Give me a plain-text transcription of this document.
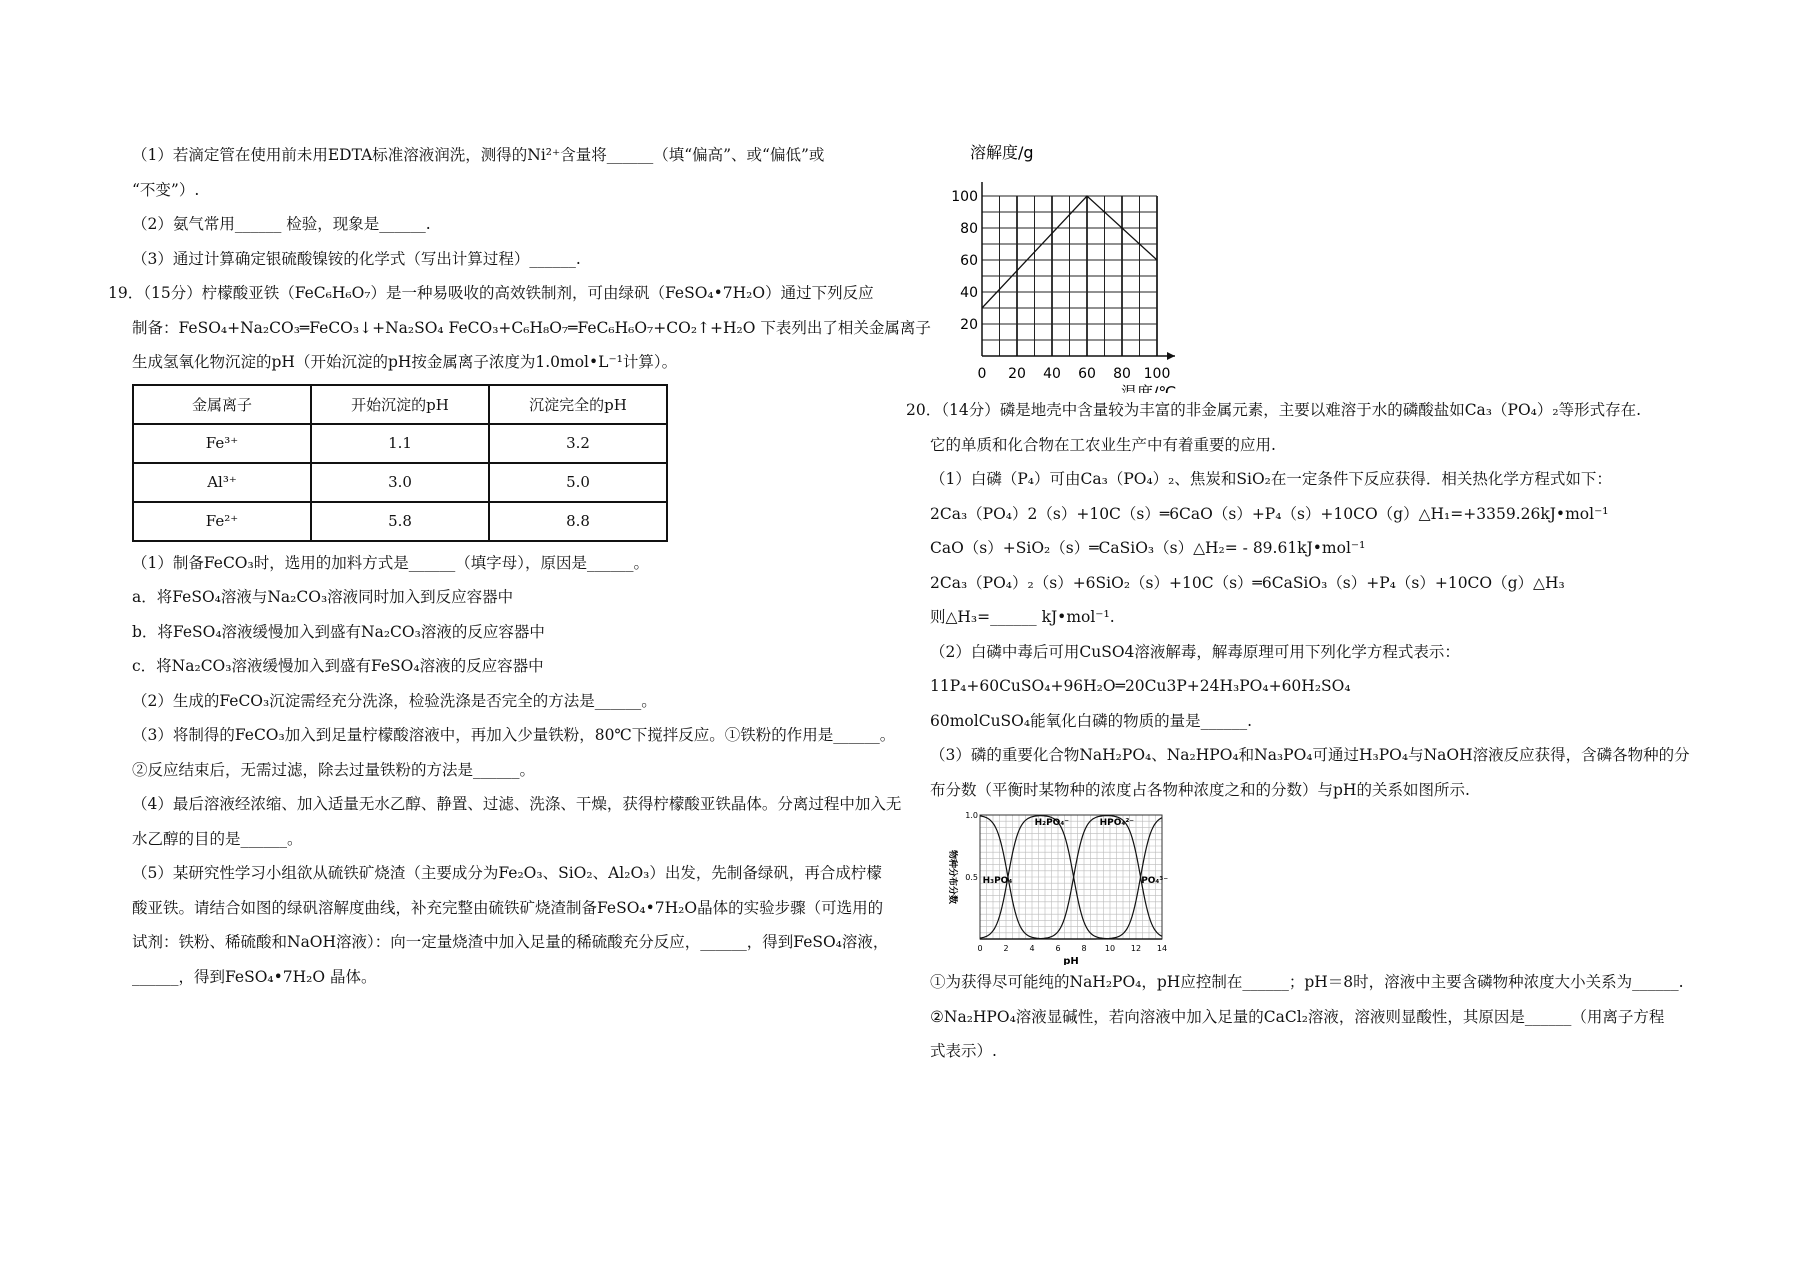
（1）若滴定管在使用前未用EDTA标准溶液润洗，测得的Ni²⁺含量将______（填“偏高”、或“偏低”或
“不变”）.
（2）氨气常用______ 检验，现象是______.
（3）通过计算确定银硫酸镍铵的化学式（写出计算过程）______.
19．（15分）柠檬酸亚铁（FeC₆H₆O₇）是一种易吸收的高效铁制剂，可由绿矾（FeSO₄•7H₂O）通过下列反应
制备：FeSO₄+Na₂CO₃═FeCO₃↓+Na₂SO₄ FeCO₃+C₆H₈O₇═FeC₆H₆O₇+CO₂↑+H₂O 下表列出了相关金属离子
生成氢氧化物沉淀的pH（开始沉淀的pH按金属离子浓度为1.0mol•L⁻¹计算）。
金属离子	开始沉淀的pH	沉淀完全的pH
Fe³⁺	1.1	3.2
Al³⁺	3.0	5.0
Fe²⁺	5.8	8.8
（1）制备FeCO₃时，选用的加料方式是______（填字母），原因是______。
a．将FeSO₄溶液与Na₂CO₃溶液同时加入到反应容器中
b．将FeSO₄溶液缓慢加入到盛有Na₂CO₃溶液的反应容器中
c．将Na₂CO₃溶液缓慢加入到盛有FeSO₄溶液的反应容器中
（2）生成的FeCO₃沉淀需经充分洗涤，检验洗涤是否完全的方法是______。
（3）将制得的FeCO₃加入到足量柠檬酸溶液中，再加入少量铁粉，80℃下搅拌反应。①铁粉的作用是______。
②反应结束后，无需过滤，除去过量铁粉的方法是______。
（4）最后溶液经浓缩、加入适量无水乙醇、静置、过滤、洗涤、干燥，获得柠檬酸亚铁晶体。分离过程中加入无
水乙醇的目的是______。
（5）某研究性学习小组欲从硫铁矿烧渣（主要成分为Fe₂O₃、SiO₂、Al₂O₃）出发，先制备绿矾，再合成柠檬
酸亚铁。请结合如图的绿矾溶解度曲线，补充完整由硫铁矿烧渣制备FeSO₄•7H₂O晶体的实验步骤（可选用的
试剂：铁粉、稀硫酸和NaOH溶液）：向一定量烧渣中加入足量的稀硫酸充分反应，______，得到FeSO₄溶液，
______，得到FeSO₄•7H₂O 晶体。
0 20 40 60 80 100
20
40
60
80
100
溶解度/g
温度/℃
20．（14分）磷是地壳中含量较为丰富的非金属元素，主要以难溶于水的磷酸盐如Ca₃（PO₄）₂等形式存在.
它的单质和化合物在工农业生产中有着重要的应用.
（1）白磷（P₄）可由Ca₃（PO₄）₂、焦炭和SiO₂在一定条件下反应获得．相关热化学方程式如下：
2Ca₃（PO₄）2（s）+10C（s）═6CaO（s）+P₄（s）+10CO（g）△H₁=+3359.26kJ•mol⁻¹
CaO（s）+SiO₂（s）═CaSiO₃（s）△H₂= - 89.61kJ•mol⁻¹
2Ca₃（PO₄）₂（s）+6SiO₂（s）+10C（s）═6CaSiO₃（s）+P₄（s）+10CO（g）△H₃
则△H₃=______ kJ•mol⁻¹.
（2）白磷中毒后可用CuSO4溶液解毒，解毒原理可用下列化学方程式表示：
11P₄+60CuSO₄+96H₂O═20Cu3P+24H₃PO₄+60H₂SO₄
60molCuSO₄能氧化白磷的物质的量是______.
（3）磷的重要化合物NaH₂PO₄、Na₂HPO₄和Na₃PO₄可通过H₃PO₄与NaOH溶液反应获得，含磷各物种的分
布分数（平衡时某物种的浓度占各物种浓度之和的分数）与pH的关系如图所示.
0	2	4	6	8 10 12 14
0.5
1.0
pH
物种分布分数	H₃PO₄
H₂PO₄⁻	HPO₄²⁻
PO₄³⁻
①为获得尽可能纯的NaH₂PO₄，pH应控制在______；pH＝8时，溶液中主要含磷物种浓度大小关系为______.
②Na₂HPO₄溶液显碱性，若向溶液中加入足量的CaCl₂溶液，溶液则显酸性，其原因是______（用离子方程
式表示）.
